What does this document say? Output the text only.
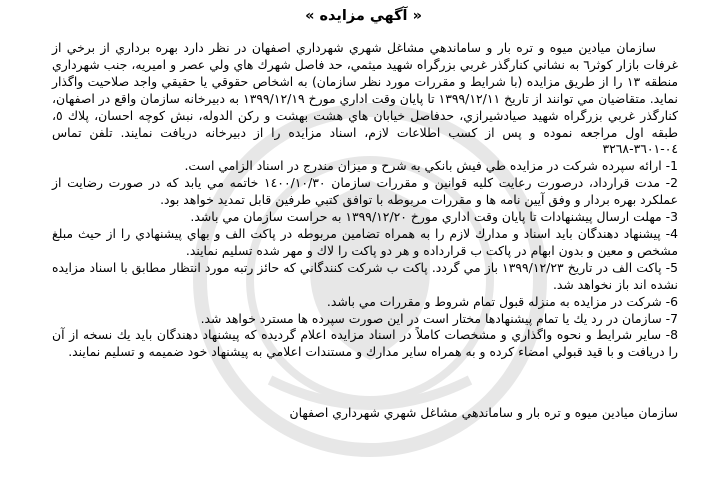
« آگهي مزايده »

سازمان ميادين ميوه و تره بار و ساماندهي مشاغل شهري شهرداري اصفهان در نظر دارد بهره برداري از برخي از غرفات بازار كوثر٦ به نشاني كنارگذر غربي بزرگراه شهيد ميثمي، حد فاصل شهرك هاي ولي عصر و اميريه، جنب شهرداري منطقه ١٣ را از طريق مزايده (با شرايط و مقررات مورد نظر سازمان) به اشخاص حقوقي يا حقيقي واجد صلاحيت واگذار نمايد. متقاضيان مي توانند از تاريخ ١٣٩٩/١٢/١١ تا پايان وقت اداري مورخ ١٣٩٩/١٢/١٩ به دبيرخانه سازمان واقع در اصفهان، كنارگذر غربي بزرگراه شهيد صيادشيرازي، حدفاصل خيابان هاي هشت بهشت و ركن الدوله، نبش كوچه احسان، پلاك ٥، طبقه اول مراجعه نموده و پس از كسب اطلاعات لازم، اسناد مزايده را از دبيرخانه دريافت نمايند. تلفن تماس ٠٤-٣٦٠١-٣٢٦٨

1- ارائه سپرده شركت در مزايده طي فيش بانكي به شرح و ميزان مندرج در اسناد الزامي است.
2- مدت قرارداد، درصورت رعايت كليه قوانين و مقررات سازمان ١٤٠٠/١٠/٣٠ خاتمه مي يابد كه در صورت رضايت از عملكرد بهره بردار و وفق آيين نامه ها و مقررات مربوطه با توافق كتبي طرفين قابل تمديد خواهد بود.
3- مهلت ارسال پيشنهادات تا پايان وقت اداري مورخ ١٣٩٩/١٢/٢٠ به حراست سازمان مي باشد.
4- پيشنهاد دهندگان بايد اسناد و مدارك لازم را به همراه تضامين مربوطه در پاكت الف و بهاي پيشنهادي را از حيث مبلغ مشخص و معين و بدون ابهام در پاكت ب قرارداده و هر دو پاكت را لاك و مهر شده تسليم نمايند.
5- پاكت الف در تاريخ ١٣٩٩/١٢/٢٣ باز مي گردد. پاكت ب شركت كنندگاني كه حائز رتبه مورد انتظار مطابق با اسناد مزايده نشده اند باز نخواهد شد.
6- شركت در مزايده به منزله قبول تمام شروط و مقررات مي باشد.
7- سازمان در رد يك يا تمام پيشنهادها مختار است در اين صورت سپرده ها مسترد خواهد شد.
8- ساير شرايط و نحوه واگذاري و مشخصات كاملاً در اسناد مزايده اعلام گرديده كه پيشنهاد دهندگان بايد يك نسخه از آن را دريافت و با قيد قبولي امضاء كرده و به همراه ساير مدارك و مستندات اعلامي به پيشنهاد خود ضميمه و تسليم نمايند.
سازمان ميادين ميوه و تره بار و ساماندهي مشاغل شهري شهرداري اصفهان
